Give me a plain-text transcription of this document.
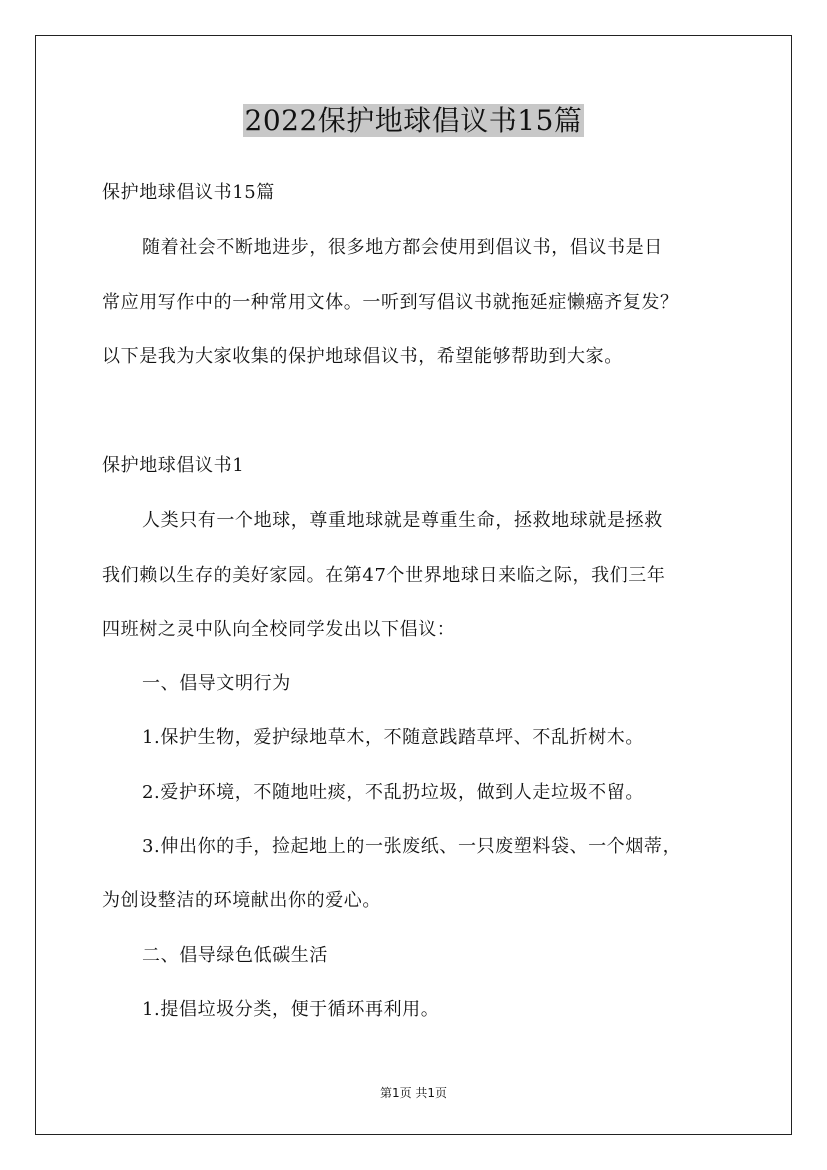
2022保护地球倡议书15篇

保护地球倡议书15篇

随着社会不断地进步，很多地方都会使用到倡议书，倡议书是日

常应用写作中的一种常用文体。一听到写倡议书就拖延症懒癌齐复发？

以下是我为大家收集的保护地球倡议书，希望能够帮助到大家。

保护地球倡议书1

人类只有一个地球，尊重地球就是尊重生命，拯救地球就是拯救

我们赖以生存的美好家园。在第47个世界地球日来临之际，我们三年

四班树之灵中队向全校同学发出以下倡议：

一、倡导文明行为

1.保护生物，爱护绿地草木，不随意践踏草坪、不乱折树木。

2.爱护环境，不随地吐痰，不乱扔垃圾，做到人走垃圾不留。

3.伸出你的手，捡起地上的一张废纸、一只废塑料袋、一个烟蒂，

为创设整洁的环境献出你的爱心。

二、倡导绿色低碳生活

1.提倡垃圾分类，便于循环再利用。

第1页 共1页
